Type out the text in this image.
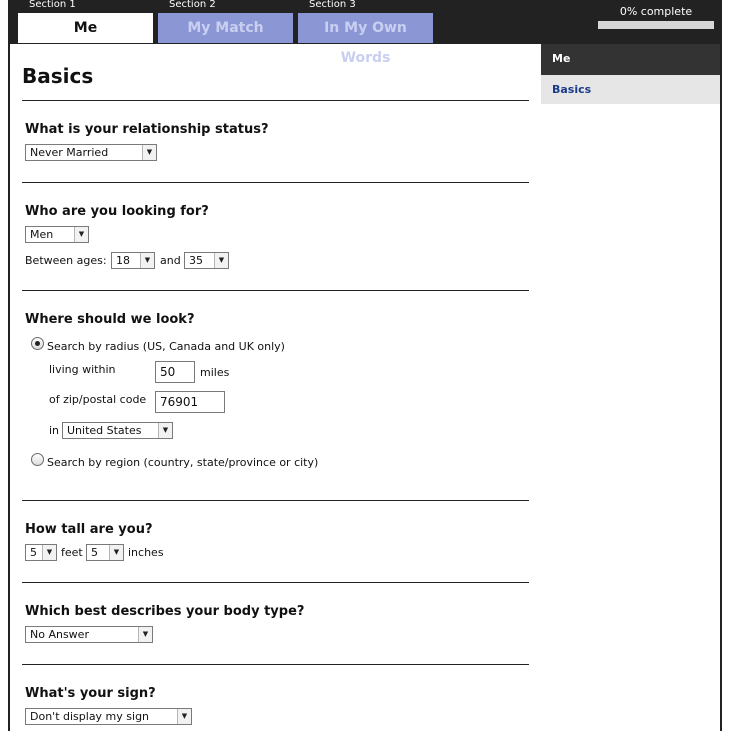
Section 1	Section 2	Section 3
Me	My Match	In My Own Words
0% complete
Me
Basics
Basics
What is your relationship status?
Never Married	▼
Who are you looking for?
Men	▼
Between ages: 18	▼ and 35	▼
Where should we look?
Search by radius (US, Canada and UK only)
living within	50	miles
of zip/postal code	76901
in United States	▼
Search by region (country, state/province or city)
How tall are you?
5	▼ feet 5	▼ inches
Which best describes your body type?
No Answer	▼
What's your sign?
Don't display my sign	▼
